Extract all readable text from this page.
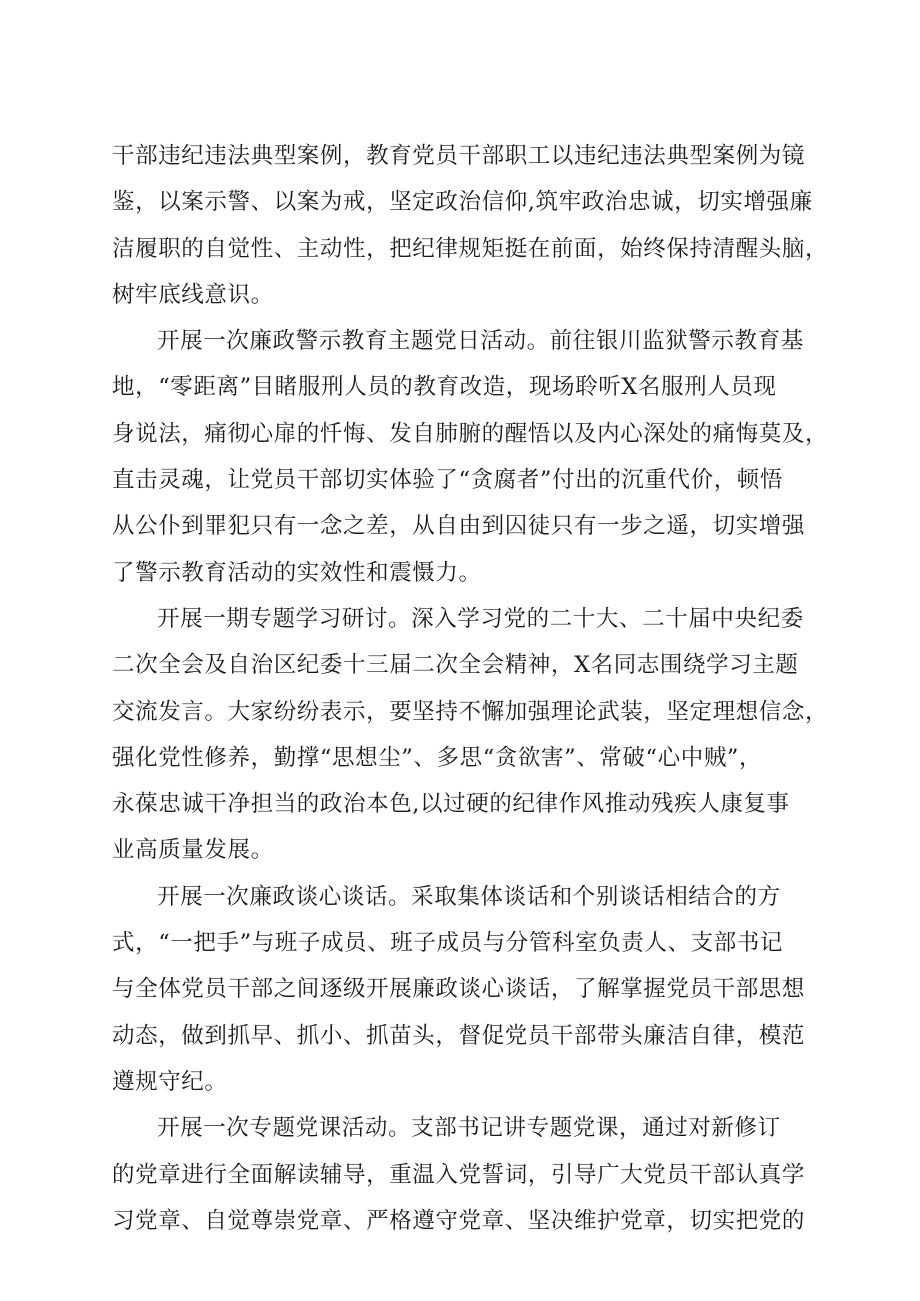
干部违纪违法典型案例，教育党员干部职工以违纪违法典型案例为镜
鉴，以案示警、以案为戒，坚定政治信仰,筑牢政治忠诚，切实增强廉
洁履职的自觉性、主动性，把纪律规矩挺在前面，始终保持清醒头脑，
树牢底线意识。
开展一次廉政警示教育主题党日活动。前往银川监狱警示教育基
地，“零距离”目睹服刑人员的教育改造，现场聆听X名服刑人员现
身说法，痛彻心扉的忏悔、发自肺腑的醒悟以及内心深处的痛悔莫及，
直击灵魂，让党员干部切实体验了“贪腐者”付出的沉重代价，顿悟
从公仆到罪犯只有一念之差，从自由到囚徒只有一步之遥，切实增强
了警示教育活动的实效性和震慑力。
开展一期专题学习研讨。深入学习党的二十大、二十届中央纪委
二次全会及自治区纪委十三届二次全会精神，X名同志围绕学习主题
交流发言。大家纷纷表示，要坚持不懈加强理论武装，坚定理想信念，
强化党性修养，勤撑“思想尘”、多思“贪欲害”、常破“心中贼”，
永葆忠诚干净担当的政治本色,以过硬的纪律作风推动残疾人康复事
业高质量发展。
开展一次廉政谈心谈话。采取集体谈话和个别谈话相结合的方
式，“一把手”与班子成员、班子成员与分管科室负责人、支部书记
与全体党员干部之间逐级开展廉政谈心谈话，了解掌握党员干部思想
动态，做到抓早、抓小、抓苗头，督促党员干部带头廉洁自律，模范
遵规守纪。
开展一次专题党课活动。支部书记讲专题党课，通过对新修订
的党章进行全面解读辅导，重温入党誓词，引导广大党员干部认真学
习党章、自觉尊崇党章、严格遵守党章、坚决维护党章，切实把党的
